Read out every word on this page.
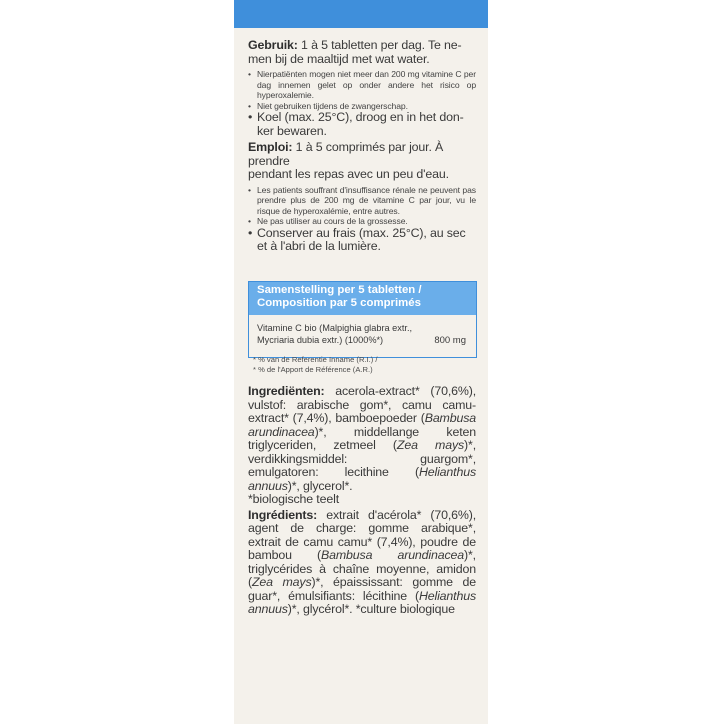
Gebruik: 1 à 5 tabletten per dag. Te ne-

men bij de maaltijd met wat water.

• Nierpatiënten mogen niet meer dan 200 mg vitamine C per dag innemen gelet op onder andere het risico op hyperoxalemie.
• Niet gebruiken tijdens de zwangerschap.
• Koel (max. 25°C), droog en in het don-
ker bewaren.

Emploi: 1 à 5 comprimés par jour. À prendre

pendant les repas avec un peu d'eau.

• Les patients souffrant d'insuffisance rénale ne peuvent pas prendre plus de 200 mg de vitamine C par jour, vu le risque de hyperoxalémie, entre autres.
• Ne pas utiliser au cours de la grossesse.
• Conserver au frais (max. 25°C), au sec
et à l'abri de la lumière.
Samenstelling per 5 tabletten /
Composition par 5 comprimés
Vitamine C bio (Malpighia glabra extr.,
Mycriaria dubia extr.) (1000%*)	800 mg
* % van de Referentie Inname (R.I.) /
* % de l'Apport de Référence (A.R.)

Ingrediënten: acerola-extract* (70,6%), vulstof: arabische gom*, camu camu-extract* (7,4%), bamboepoeder (Bambusa arundinacea)*, middellange keten triglyceriden, zetmeel (Zea mays)*, verdikkingsmiddel: guargom*, emulgatoren: lecithine (Helianthus annuus)*, glycerol*.

*biologische teelt

Ingrédients: extrait d'acérola* (70,6%), agent de charge: gomme arabique*, extrait de camu camu* (7,4%), poudre de bambou (Bambusa arundinacea)*, triglycérides à chaîne moyenne, amidon (Zea mays)*, épaississant: gomme de guar*, émulsifiants: lécithine (Helianthus annuus)*, glycérol*. *culture biologique
